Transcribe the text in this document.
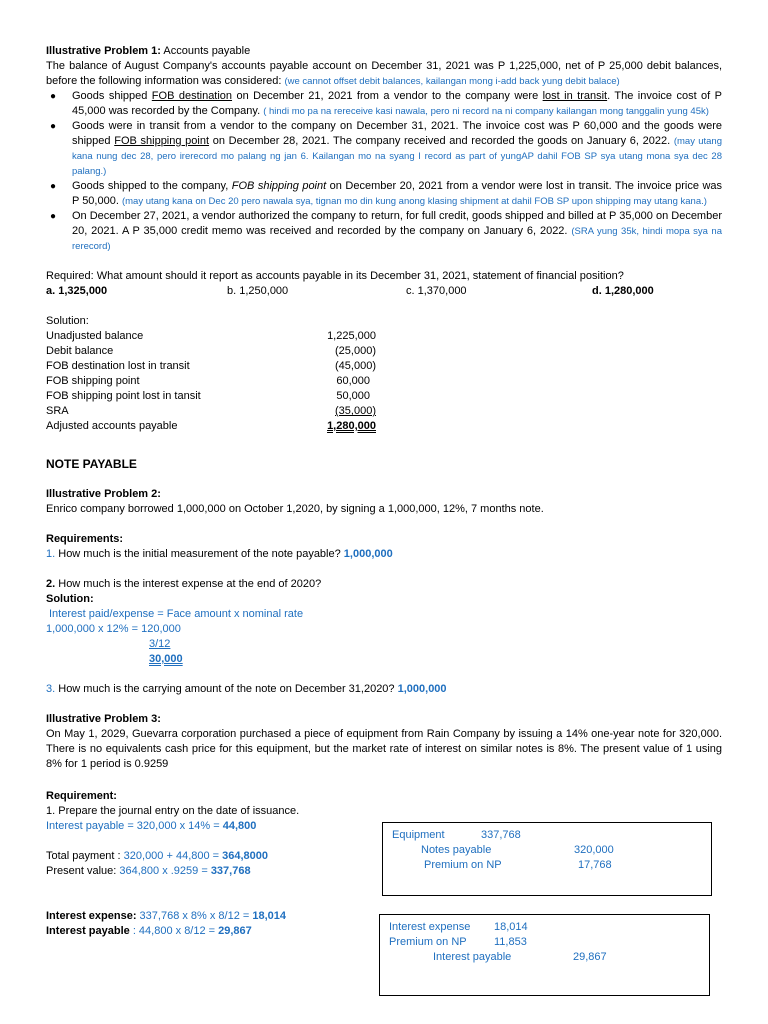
Illustrative Problem 1: Accounts payable

The balance of August Company's accounts payable account on December 31, 2021 was P 1,225,000, net of P 25,000 debit balances, before the following information was considered: (we cannot offset debit balances, kailangan mong i-add back yung debit balace)

● Goods shipped FOB destination on December 21, 2021 from a vendor to the company were lost in transit. The invoice cost of P 45,000 was recorded by the Company. ( hindi mo pa na rereceive kasi nawala, pero ni record na ni company kailangan mong tanggalin yung 45k)
● Goods were in transit from a vendor to the company on December 31, 2021. The invoice cost was P 60,000 and the goods were shipped FOB shipping point on December 28, 2021. The company received and recorded the goods on January 6, 2022. (may utang kana nung dec 28, pero irerecord mo palang ng jan 6. Kailangan mo na syang I record as part of yungAP dahil FOB SP sya utang mona sya dec 28 palang.)
● Goods shipped to the company, FOB shipping point on December 20, 2021 from a vendor were lost in transit. The invoice price was P 50,000. (may utang kana on Dec 20 pero nawala sya, tignan mo din kung anong klasing shipment at dahil FOB SP upon shipping may utang kana.)
● On December 27, 2021, a vendor authorized the company to return, for full credit, goods shipped and billed at P 35,000 on December 20, 2021. A P 35,000 credit memo was received and recorded by the company on January 6, 2022. (SRA yung 35k, hindi mopa sya na rerecord)

Required: What amount should it report as accounts payable in its December 31, 2021, statement of financial position?

a. 1,325,000	b. 1,250,000	c. 1,370,000	d. 1,280,000

Solution:

Unadjusted balance	1,225,000
Debit balance	(25,000)
FOB destination lost in transit	(45,000)
FOB shipping point	60,000
FOB shipping point lost in tansit	50,000
SRA	(35,000)
Adjusted accounts payable	1,280,000

NOTE PAYABLE

Illustrative Problem 2:

Enrico company borrowed 1,000,000 on October 1,2020, by signing a 1,000,000, 12%, 7 months note.

Requirements:

1. How much is the initial measurement of the note payable? 1,000,000

2. How much is the interest expense at the end of 2020?

Solution:

Interest paid/expense = Face amount x nominal rate

1,000,000 x 12% = 120,000

3/12

30,000

3. How much is the carrying amount of the note on December 31,2020? 1,000,000

Illustrative Problem 3:

On May 1, 2029, Guevarra corporation purchased a piece of equipment from Rain Company by issuing a 14% one-year note for 320,000. There is no equivalents cash price for this equipment, but the market rate of interest on similar notes is 8%. The present value of 1 using 8% for 1 period is 0.9259

Requirement:

1. Prepare the journal entry on the date of issuance.

Interest payable = 320,000 x 14% = 44,800

Total payment : 320,000 + 44,800 = 364,8000

Present value: 364,800 x .9259 = 337,768

Interest expense: 337,768 x 8% x 8/12 = 18,014

Interest payable : 44,800 x 8/12 = 29,867

Equipment	337,768
Notes payable	320,000
Premium on NP	17,768
Interest expense 18,014
Premium on NP 11,853
Interest payable	29,867
